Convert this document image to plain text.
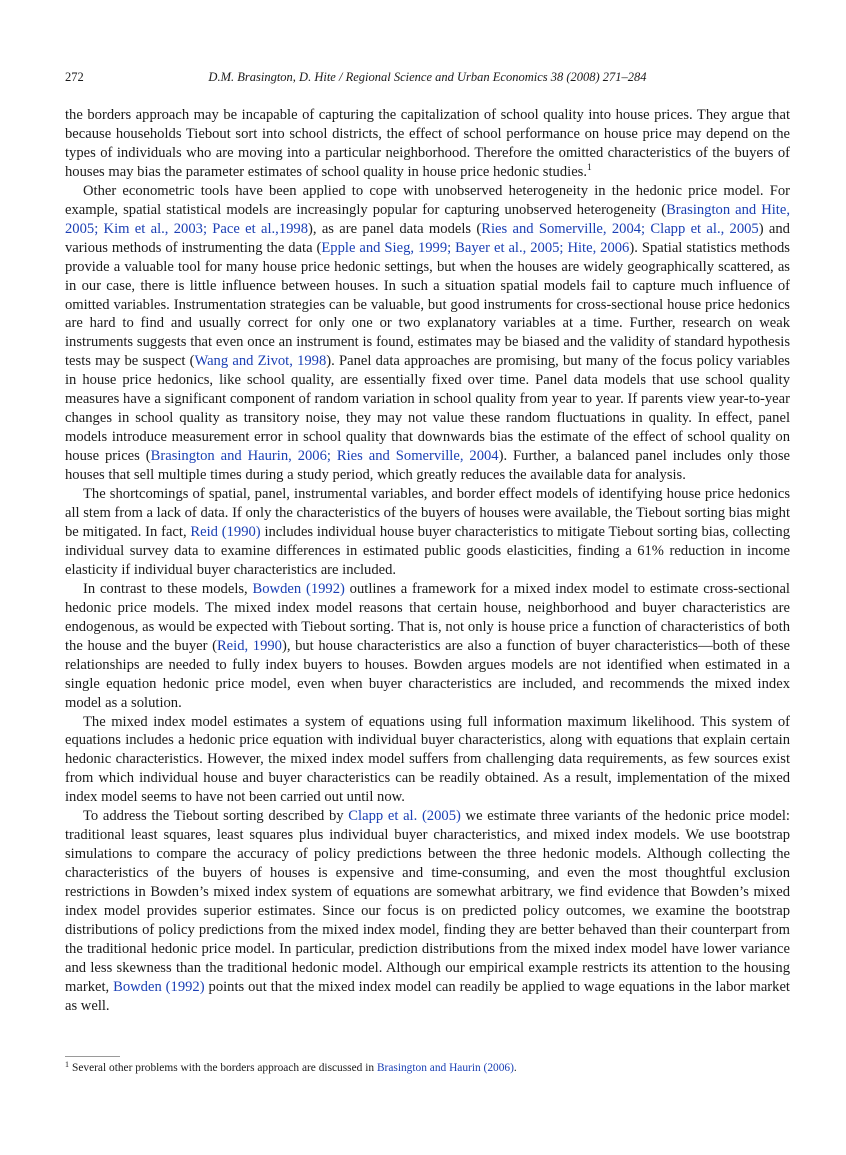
272	D.M. Brasington, D. Hite / Regional Science and Urban Economics 38 (2008) 271–284

the borders approach may be incapable of capturing the capitalization of school quality into house prices. They argue that because households Tiebout sort into school districts, the effect of school performance on house price may depend on the types of individuals who are moving into a particular neighborhood. Therefore the omitted characteristics of the buyers of houses may bias the parameter estimates of school quality in house price hedonic studies.$^1$

Other econometric tools have been applied to cope with unobserved heterogeneity in the hedonic price model. For example, spatial statistical models are increasingly popular for capturing unobserved heterogeneity (Brasington and Hite, 2005; Kim et al., 2003; Pace et al.,1998), as are panel data models (Ries and Somerville, 2004; Clapp et al., 2005) and various methods of instrumenting the data (Epple and Sieg, 1999; Bayer et al., 2005; Hite, 2006). Spatial statistics methods provide a valuable tool for many house price hedonic settings, but when the houses are widely geographically scattered, as in our case, there is little influence between houses. In such a situation spatial models fail to capture much influence of omitted variables. Instrumentation strategies can be valuable, but good instruments for cross-sectional house price hedonics are hard to find and usually correct for only one or two explanatory variables at a time. Further, research on weak instruments suggests that even once an instrument is found, estimates may be biased and the validity of standard hypothesis tests may be suspect (Wang and Zivot, 1998). Panel data approaches are promising, but many of the focus policy variables in house price hedonics, like school quality, are essentially fixed over time. Panel data models that use school quality measures have a significant component of random variation in school quality from year to year. If parents view year-to-year changes in school quality as transitory noise, they may not value these random fluctuations in quality. In effect, panel models introduce measurement error in school quality that downwards bias the estimate of the effect of school quality on house prices (Brasington and Haurin, 2006; Ries and Somerville, 2004). Further, a balanced panel includes only those houses that sell multiple times during a study period, which greatly reduces the available data for analysis.

The shortcomings of spatial, panel, instrumental variables, and border effect models of identifying house price hedonics all stem from a lack of data. If only the characteristics of the buyers of houses were available, the Tiebout sorting bias might be mitigated. In fact, Reid (1990) includes individual house buyer characteristics to mitigate Tiebout sorting bias, collecting individual survey data to examine differences in estimated public goods elasticities, finding a 61% reduction in income elasticity if individual buyer characteristics are included.

In contrast to these models, Bowden (1992) outlines a framework for a mixed index model to estimate cross-sectional hedonic price models. The mixed index model reasons that certain house, neighborhood and buyer characteristics are endogenous, as would be expected with Tiebout sorting. That is, not only is house price a function of characteristics of both the house and the buyer (Reid, 1990), but house characteristics are also a function of buyer characteristics—both of these relationships are needed to fully index buyers to houses. Bowden argues models are not identified when estimated in a single equation hedonic price model, even when buyer characteristics are included, and recommends the mixed index model as a solution.

The mixed index model estimates a system of equations using full information maximum likelihood. This system of equations includes a hedonic price equation with individual buyer characteristics, along with equations that explain certain hedonic characteristics. However, the mixed index model suffers from challenging data requirements, as few sources exist from which individual house and buyer characteristics can be readily obtained. As a result, implementation of the mixed index model seems to have not been carried out until now.

To address the Tiebout sorting described by Clapp et al. (2005) we estimate three variants of the hedonic price model: traditional least squares, least squares plus individual buyer characteristics, and mixed index models. We use bootstrap simulations to compare the accuracy of policy predictions between the three hedonic models. Although collecting the characteristics of the buyers of houses is expensive and time-consuming, and even the most thoughtful exclusion restrictions in Bowden’s mixed index system of equations are somewhat arbitrary, we find evidence that Bowden’s mixed index model provides superior estimates. Since our focus is on predicted policy outcomes, we examine the bootstrap distributions of policy predictions from the mixed index model, finding they are better behaved than their counterpart from the traditional hedonic price model. In particular, prediction distributions from the mixed index model have lower variance and less skewness than the traditional hedonic model. Although our empirical example restricts its attention to the housing market, Bowden (1992) points out that the mixed index model can readily be applied to wage equations in the labor market as well.

$^1$ Several other problems with the borders approach are discussed in Brasington and Haurin (2006).
